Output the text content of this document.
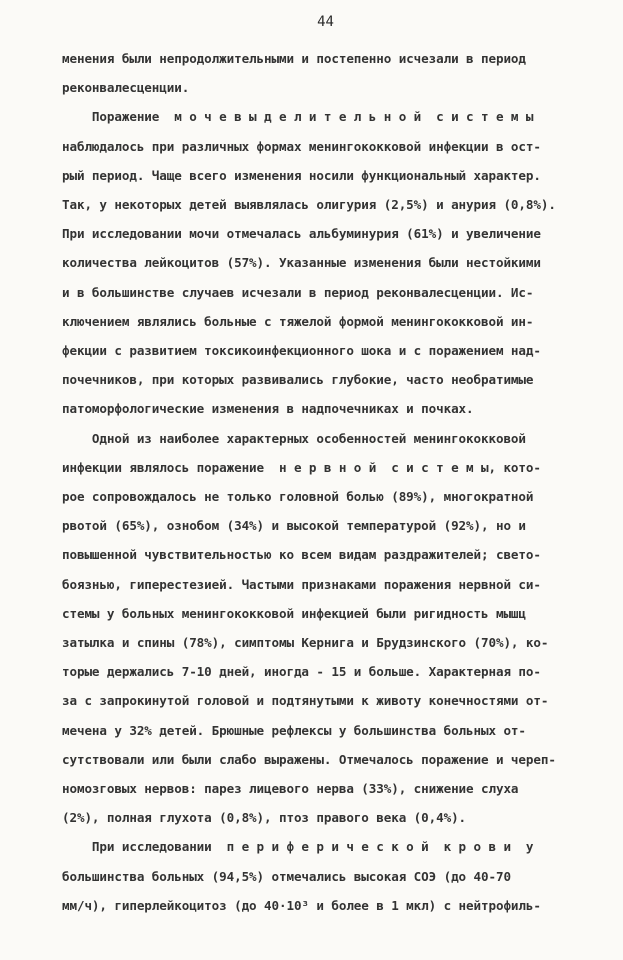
44
менения были непродолжительными и постепенно исчезали в период
реконвалесценции.
Поражение  м о ч е в ы д е л и т е л ь н о й  с и с т е м ы
наблюдалось при различных формах менингококковой инфекции в ост-
рый период. Чаще всего изменения носили функциональный характер.
Так, у некоторых детей выявлялась олигурия (2,5%) и анурия (0,8%).
При исследовании мочи отмечалась альбуминурия (61%) и увеличение
количества лейкоцитов (57%). Указанные изменения были нестойкими
и в большинстве случаев исчезали в период реконвалесценции. Ис-
ключением являлись больные с тяжелой формой менингококковой ин-
фекции с развитием токсикоинфекционного шока и с поражением над-
почечников, при которых развивались глубокие, часто необратимые
патоморфологические изменения в надпочечниках и почках.
Одной из наиболее характерных особенностей менингококковой
инфекции являлось поражение  н е р в н о й  с и с т е м ы, кото-
рое сопровождалось не только головной болью (89%), многократной
рвотой (65%), ознобом (34%) и высокой температурой (92%), но и
повышенной чувствительностью ко всем видам раздражителей; свето-
боязнью, гиперестезией. Частыми признаками поражения нервной си-
стемы у больных менингококковой инфекцией были ригидность мышц
затылка и спины (78%), симптомы Кернига и Брудзинского (70%), ко-
торые держались 7-10 дней, иногда - 15 и больше. Характерная по-
за с запрокинутой головой и подтянутыми к животу конечностями от-
мечена у 32% детей. Брюшные рефлексы у большинства больных от-
сутствовали или были слабо выражены. Отмечалось поражение и череп-
номозговых нервов: парез лицевого нерва (33%), снижение слуха
(2%), полная глухота (0,8%), птоз правого века (0,4%).
При исследовании  п е р и ф е р и ч е с к о й  к р о в и  у
большинства больных (94,5%) отмечались высокая СОЭ (до 40-70
мм/ч), гиперлейкоцитоз (до 40·10³ и более в 1 мкл) с нейтрофиль-
